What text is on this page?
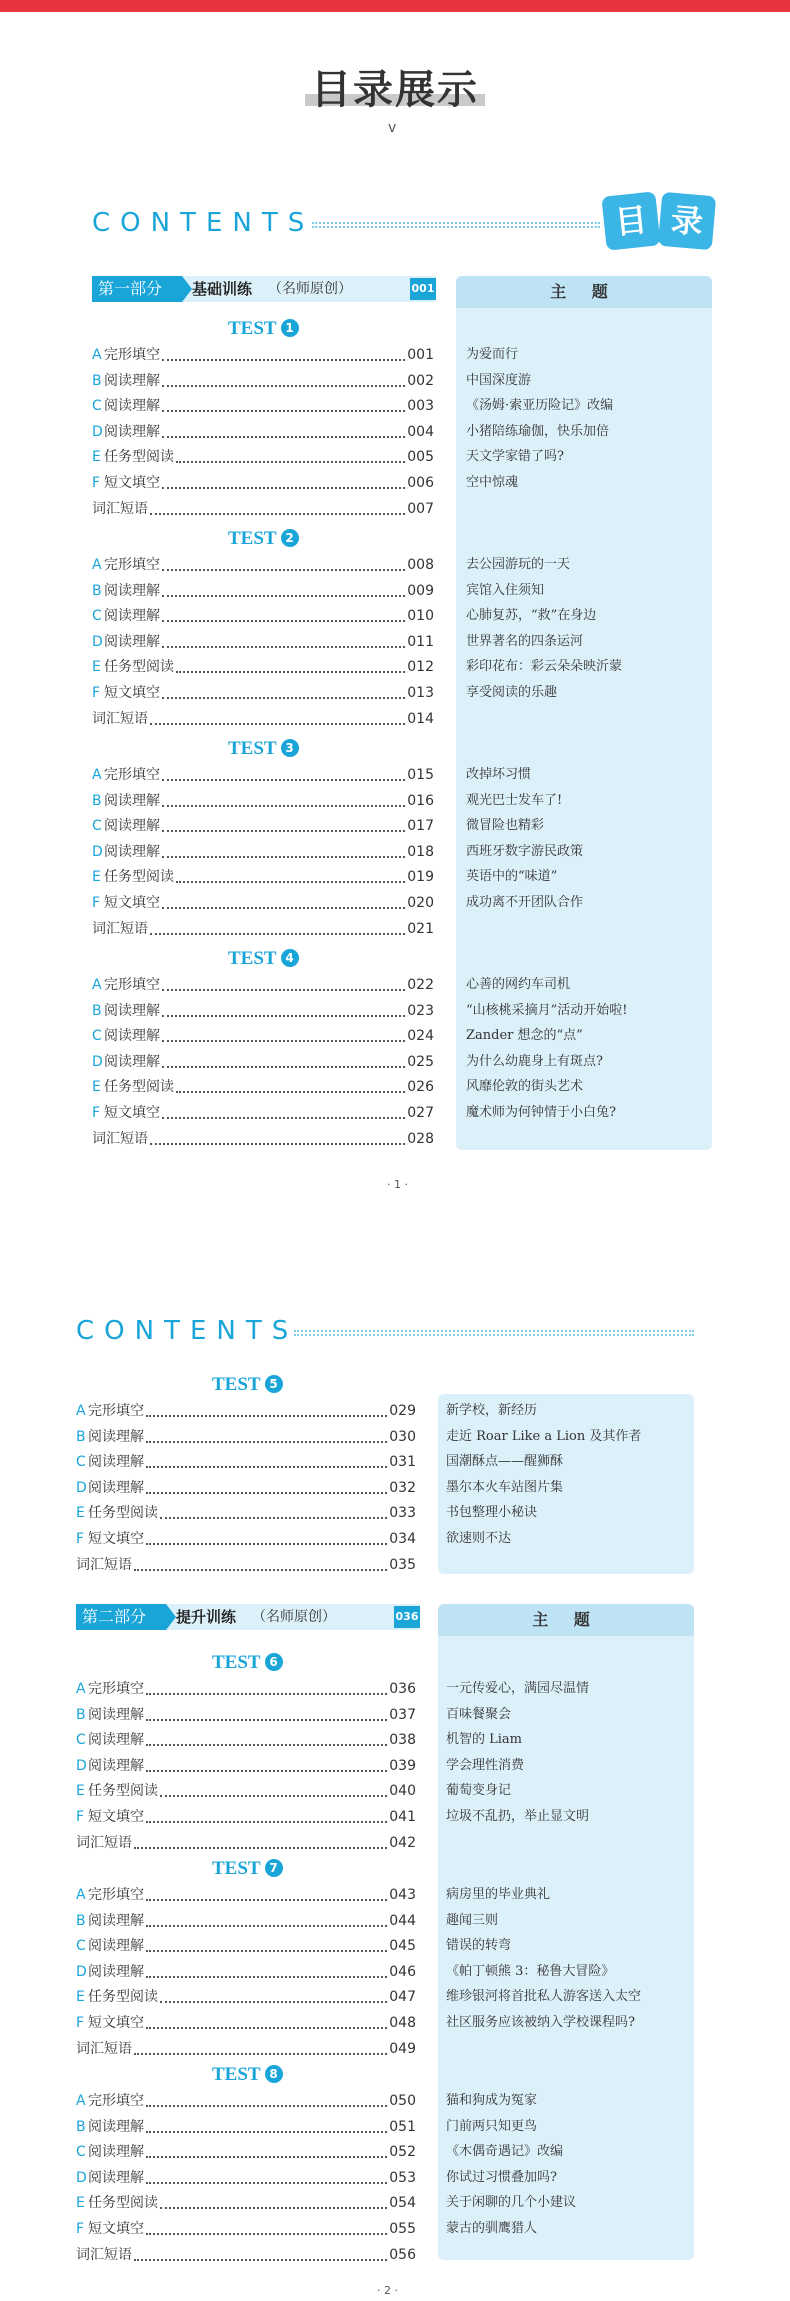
目录展示
v
CONTENTS	目 录
第一部分	基础训练 （名师原创）	001	主 题
CONTENTS
第二部分	提升训练 （名师原创）	036	主 题
TEST 1
A 完形填空	001 为爱而行
B 阅读理解	002 中国深度游
C 阅读理解	003 《汤姆·索亚历险记》改编
D 阅读理解	004 小猪陪练瑜伽，快乐加倍
E 任务型阅读	005 天文学家错了吗?
F 短文填空	006 空中惊魂
词汇短语	007
TEST 2
A 完形填空	008 去公园游玩的一天
B 阅读理解	009 宾馆入住须知
C 阅读理解	010 心肺复苏，“救”在身边
D 阅读理解	011 世界著名的四条运河
E 任务型阅读	012 彩印花布：彩云朵朵映沂蒙
F 短文填空	013 享受阅读的乐趣
词汇短语	014
TEST 3
A 完形填空	015 改掉坏习惯
B 阅读理解	016 观光巴士发车了!
C 阅读理解	017 微冒险也精彩
D 阅读理解	018 西班牙数字游民政策
E 任务型阅读	019 英语中的“味道”
F 短文填空	020 成功离不开团队合作
词汇短语	021
TEST 4
A 完形填空	022 心善的网约车司机
B 阅读理解	023 “山核桃采摘月”活动开始啦!
C 阅读理解	024 Zander 想念的“点”
D 阅读理解	025 为什么幼鹿身上有斑点?
E 任务型阅读	026 风靡伦敦的街头艺术
F 短文填空	027 魔术师为何钟情于小白兔?
词汇短语	028
TEST 5
A 完形填空	029 新学校，新经历
B 阅读理解	030 走近 Roar Like a Lion 及其作者
C 阅读理解	031 国潮酥点——醒狮酥
D 阅读理解	032 墨尔本火车站图片集
E 任务型阅读	033 书包整理小秘诀
F 短文填空	034 欲速则不达
词汇短语	035
TEST 6
A 完形填空	036 一元传爱心，满园尽温情
B 阅读理解	037 百味餐聚会
C 阅读理解	038 机智的 Liam
D 阅读理解	039 学会理性消费
E 任务型阅读	040 葡萄变身记
F 短文填空	041 垃圾不乱扔，举止显文明
词汇短语	042
TEST 7
A 完形填空	043 病房里的毕业典礼
B 阅读理解	044 趣闻三则
C 阅读理解	045 错误的转弯
D 阅读理解	046 《帕丁顿熊 3：秘鲁大冒险》
E 任务型阅读	047 维珍银河将首批私人游客送入太空
F 短文填空	048 社区服务应该被纳入学校课程吗?
词汇短语	049
TEST 8
A 完形填空	050 猫和狗成为冤家
B 阅读理解	051 门前两只知更鸟
C 阅读理解	052 《木偶奇遇记》改编
D 阅读理解	053 你试过习惯叠加吗?
E 任务型阅读	054 关于闲聊的几个小建议
F 短文填空	055 蒙古的驯鹰猎人
词汇短语	056
· 1 ·
· 2 ·
